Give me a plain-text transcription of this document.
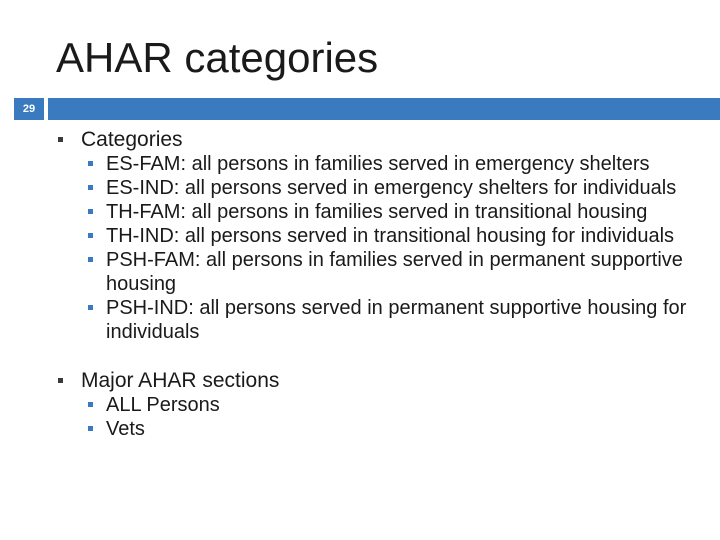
AHAR categories
29
Categories
ES-FAM: all persons in families served in emergency shelters
ES-IND: all persons served in emergency shelters for individuals
TH-FAM: all persons in families served in transitional housing
TH-IND: all persons served in transitional housing for individuals
PSH-FAM: all persons in families served in permanent supportive housing
PSH-IND: all persons served in permanent supportive housing for individuals
Major AHAR sections
ALL Persons
Vets
